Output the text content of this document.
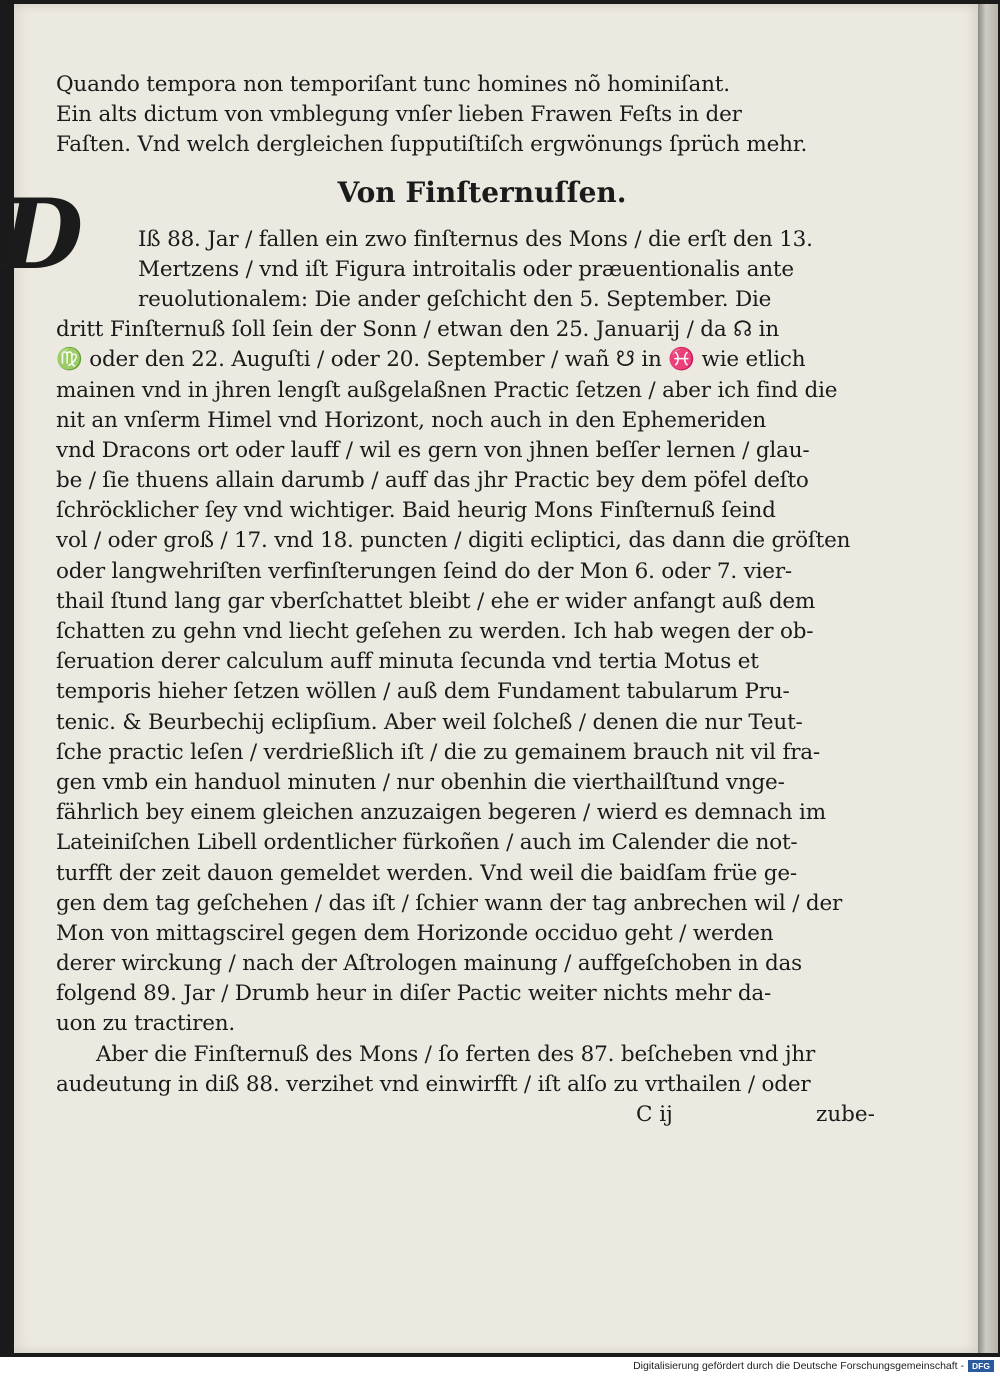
Quando tempora non temporiſant tunc homines nõ hominiſant.
Ein alts dictum von vmblegung vnſer lieben Frawen Feſts in der
Faſten. Vnd welch dergleichen ſupputiſtiſch ergwönungs ſprüch mehr.
Von Finſternuſſen.
Iß 88. Jar / fallen ein zwo finſternus des Mons / die erſt den 13.
Mertzens / vnd iſt Figura introitalis oder præuentionalis ante
reuolutionalem: Die ander geſchicht den 5. September. Die
dritt Finſternuß ſoll ſein der Sonn / etwan den 25. Januarij / da ☊ in
♍ oder den 22. Auguſti / oder 20. September / wañ ☋ in ♓ wie etlich
mainen vnd in jhren lengſt außgelaßnen Practic ſetzen / aber ich find die
nit an vnſerm Himel vnd Horizont, noch auch in den Ephemeriden
vnd Dracons ort oder lauff / wil es gern von jhnen beſſer lernen / glau-
be / ſie thuens allain darumb / auff das jhr Practic bey dem pöfel deſto
ſchröcklicher ſey vnd wichtiger. Baid heurig Mons Finſternuß ſeind
vol / oder groß / 17. vnd 18. puncten / digiti ecliptici, das dann die gröſten
oder langwehriſten verfinſterungen ſeind do der Mon 6. oder 7. vier-
thail ſtund lang gar vberſchattet bleibt / ehe er wider anfangt auß dem
ſchatten zu gehn vnd liecht geſehen zu werden. Ich hab wegen der ob-
ſeruation derer calculum auff minuta ſecunda vnd tertia Motus et
temporis hieher ſetzen wöllen / auß dem Fundament tabularum Pru-
tenic. & Beurbechij eclipſium. Aber weil ſolcheß / denen die nur Teut-
ſche practic leſen / verdrießlich iſt / die zu gemainem brauch nit vil fra-
gen vmb ein handuol minuten / nur obenhin die vierthailſtund vnge-
fährlich bey einem gleichen anzuzaigen begeren / wierd es demnach im
Lateiniſchen Libell ordentlicher fürkoñen / auch im Calender die not-
turfft der zeit dauon gemeldet werden. Vnd weil die baidſam früe ge-
gen dem tag geſchehen / das iſt / ſchier wann der tag anbrechen wil / der
Mon von mittagscirel gegen dem Horizonde occiduo geht / werden
derer wirckung / nach der Aſtrologen mainung / auffgeſchoben in das
folgend 89. Jar / Drumb heur in diſer Pactic weiter nichts mehr da-
uon zu tractiren.
Aber die Finſternuß des Mons / ſo ferten des 87. beſcheben vnd jhr
audeutung in diß 88. verzihet vnd einwirfft / iſt alſo zu vrthailen / oder
C ij	zube-
D
Digitalisierung gefördert durch die Deutsche Forschungsgemeinschaft - DFG
